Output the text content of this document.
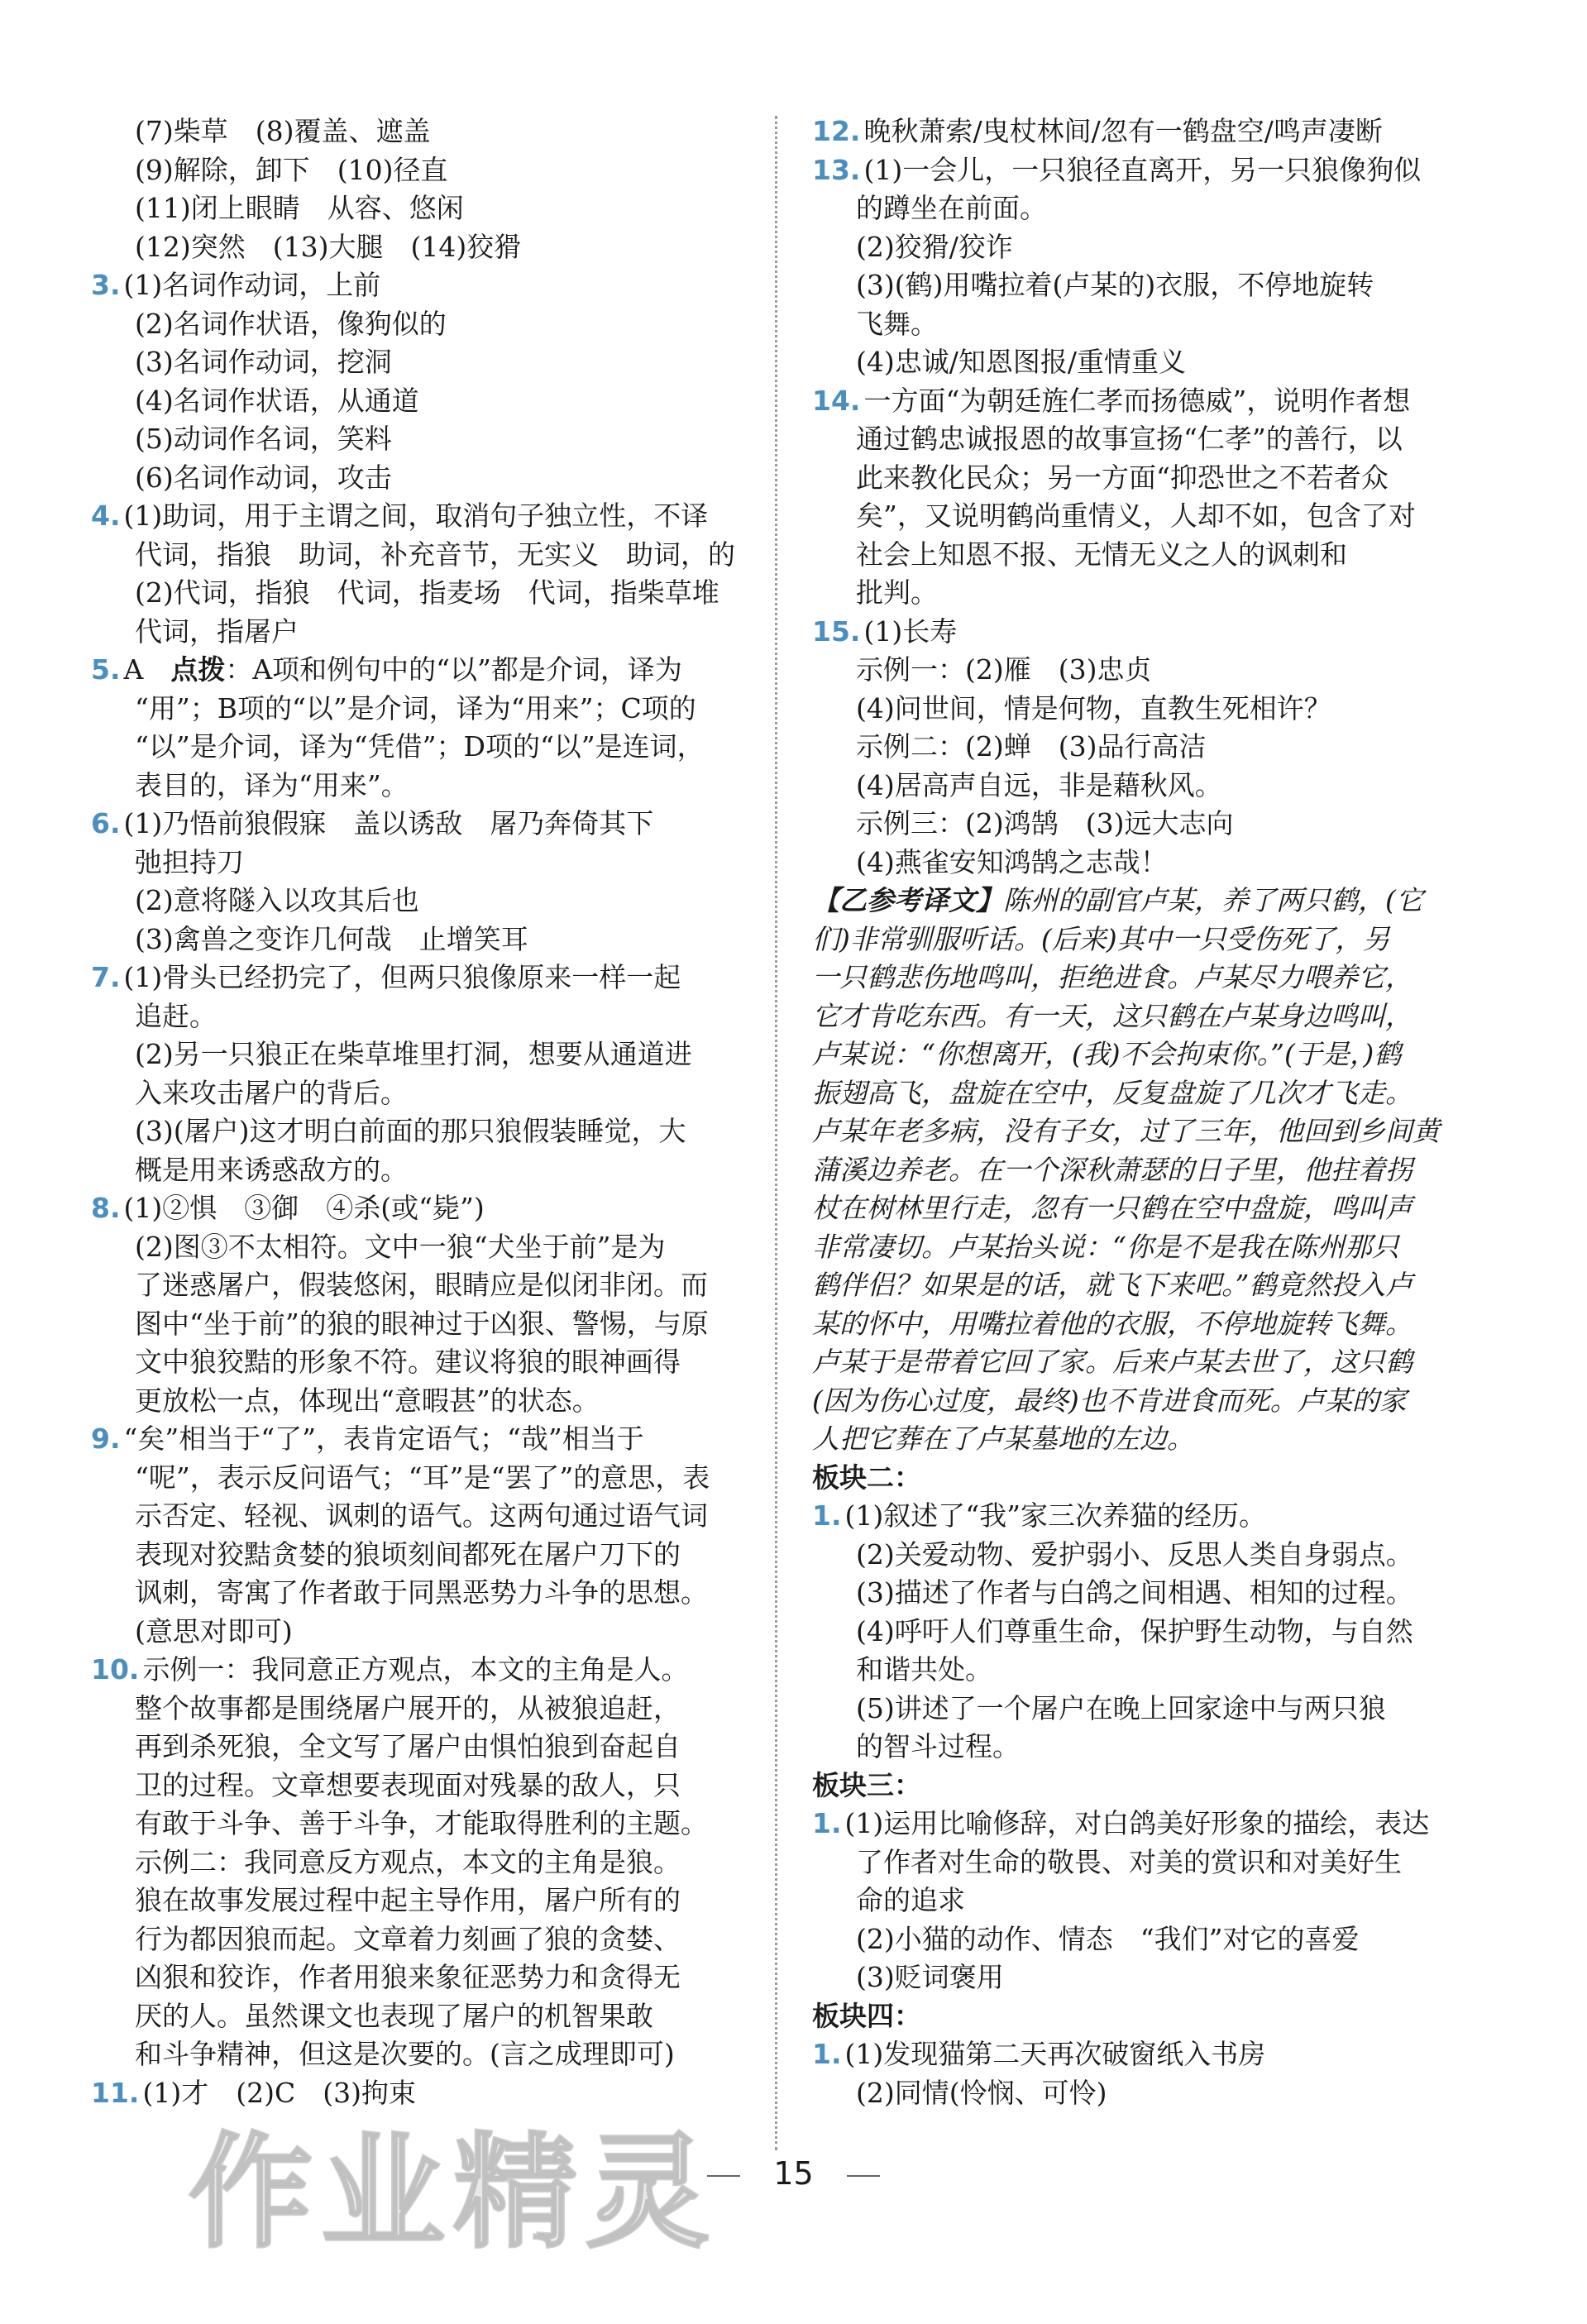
(7)柴草　(8)覆盖、遮盖
(9)解除，卸下　(10)径直
(11)闭上眼睛　从容、悠闲
(12)突然　(13)大腿　(14)狡猾
3. (1)名词作动词，上前
(2)名词作状语，像狗似的
(3)名词作动词，挖洞
(4)名词作状语，从通道
(5)动词作名词，笑料
(6)名词作动词，攻击
4. (1)助词，用于主谓之间，取消句子独立性，不译
代词，指狼　助词，补充音节，无实义　助词，的
(2)代词，指狼　代词，指麦场　代词，指柴草堆
代词，指屠户
5. A　点拨：A项和例句中的“以”都是介词，译为
“用”；B项的“以”是介词，译为“用来”；C项的
“以”是介词，译为“凭借”；D项的“以”是连词，
表目的，译为“用来”。
6. (1)乃悟前狼假寐　盖以诱敌　屠乃奔倚其下
弛担持刀
(2)意将隧入以攻其后也
(3)禽兽之变诈几何哉　止增笑耳
7. (1)骨头已经扔完了，但两只狼像原来一样一起
追赶。
(2)另一只狼正在柴草堆里打洞，想要从通道进
入来攻击屠户的背后。
(3)(屠户)这才明白前面的那只狼假装睡觉，大
概是用来诱惑敌方的。
8. (1)②惧　③御　④杀(或“毙”)
(2)图③不太相符。文中一狼“犬坐于前”是为
了迷惑屠户，假装悠闲，眼睛应是似闭非闭。而
图中“坐于前”的狼的眼神过于凶狠、警惕，与原
文中狼狡黠的形象不符。建议将狼的眼神画得
更放松一点，体现出“意暇甚”的状态。
9. “矣”相当于“了”，表肯定语气；“哉”相当于
“呢”，表示反问语气；“耳”是“罢了”的意思，表
示否定、轻视、讽刺的语气。这两句通过语气词
表现对狡黠贪婪的狼顷刻间都死在屠户刀下的
讽刺，寄寓了作者敢于同黑恶势力斗争的思想。
(意思对即可)
10. 示例一：我同意正方观点，本文的主角是人。
整个故事都是围绕屠户展开的，从被狼追赶，
再到杀死狼，全文写了屠户由惧怕狼到奋起自
卫的过程。文章想要表现面对残暴的敌人，只
有敢于斗争、善于斗争，才能取得胜利的主题。
示例二：我同意反方观点，本文的主角是狼。
狼在故事发展过程中起主导作用，屠户所有的
行为都因狼而起。文章着力刻画了狼的贪婪、
凶狠和狡诈，作者用狼来象征恶势力和贪得无
厌的人。虽然课文也表现了屠户的机智果敢
和斗争精神，但这是次要的。(言之成理即可)
11. (1)才　(2)C　(3)拘束
12. 晚秋萧索/曳杖林间/忽有一鹤盘空/鸣声凄断
13. (1)一会儿，一只狼径直离开，另一只狼像狗似
的蹲坐在前面。
(2)狡猾/狡诈
(3)(鹤)用嘴拉着(卢某的)衣服，不停地旋转
飞舞。
(4)忠诚/知恩图报/重情重义
14. 一方面“为朝廷旌仁孝而扬德威”，说明作者想
通过鹤忠诚报恩的故事宣扬“仁孝”的善行，以
此来教化民众；另一方面“抑恐世之不若者众
矣”，又说明鹤尚重情义，人却不如，包含了对
社会上知恩不报、无情无义之人的讽刺和
批判。
15. (1)长寿
示例一：(2)雁　(3)忠贞
(4)问世间，情是何物，直教生死相许？
示例二：(2)蝉　(3)品行高洁
(4)居高声自远，非是藉秋风。
示例三：(2)鸿鹄　(3)远大志向
(4)燕雀安知鸿鹄之志哉！
【乙参考译文】陈州的副官卢某，养了两只鹤，(它
们)非常驯服听话。(后来)其中一只受伤死了，另
一只鹤悲伤地鸣叫，拒绝进食。卢某尽力喂养它，
它才肯吃东西。有一天，这只鹤在卢某身边鸣叫，
卢某说：“你想离开，(我)不会拘束你。”(于是，)鹤
振翅高飞，盘旋在空中，反复盘旋了几次才飞走。
卢某年老多病，没有子女，过了三年，他回到乡间黄
蒲溪边养老。在一个深秋萧瑟的日子里，他拄着拐
杖在树林里行走，忽有一只鹤在空中盘旋，鸣叫声
非常凄切。卢某抬头说：“你是不是我在陈州那只
鹤伴侣？如果是的话，就飞下来吧。”鹤竟然投入卢
某的怀中，用嘴拉着他的衣服，不停地旋转飞舞。
卢某于是带着它回了家。后来卢某去世了，这只鹤
(因为伤心过度，最终)也不肯进食而死。卢某的家
人把它葬在了卢某墓地的左边。
板块二：
1. (1)叙述了“我”家三次养猫的经历。
(2)关爱动物、爱护弱小、反思人类自身弱点。
(3)描述了作者与白鸽之间相遇、相知的过程。
(4)呼吁人们尊重生命，保护野生动物，与自然
和谐共处。
(5)讲述了一个屠户在晚上回家途中与两只狼
的智斗过程。
板块三：
1. (1)运用比喻修辞，对白鸽美好形象的描绘，表达
了作者对生命的敬畏、对美的赏识和对美好生
命的追求
(2)小猫的动作、情态　“我们”对它的喜爱
(3)贬词褒用
板块四：
1. (1)发现猫第二天再次破窗纸入书房
(2)同情(怜悯、可怜)
作业精灵	15
